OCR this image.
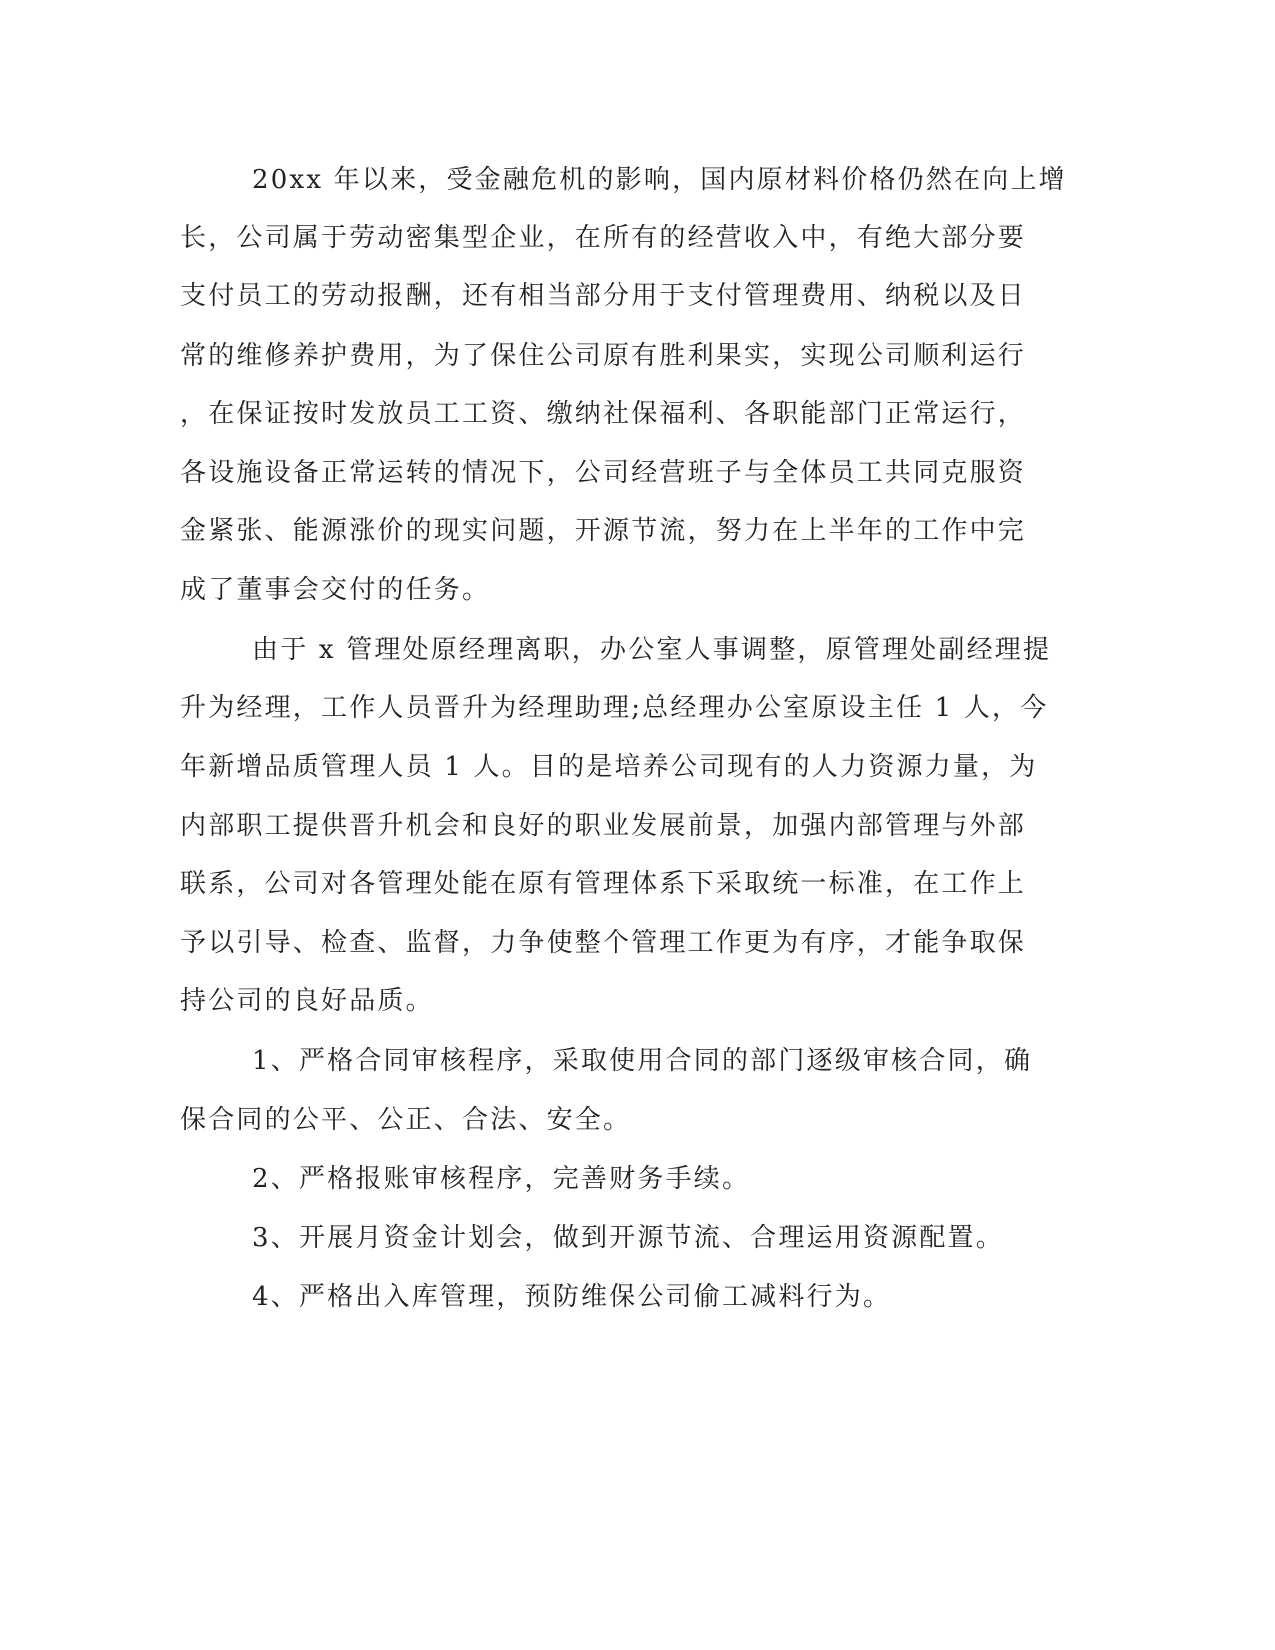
20xx 年以来，受金融危机的影响，国内原材料价格仍然在向上增
长，公司属于劳动密集型企业，在所有的经营收入中，有绝大部分要
支付员工的劳动报酬，还有相当部分用于支付管理费用、纳税以及日
常的维修养护费用，为了保住公司原有胜利果实，实现公司顺利运行
，在保证按时发放员工工资、缴纳社保福利、各职能部门正常运行，
各设施设备正常运转的情况下，公司经营班子与全体员工共同克服资
金紧张、能源涨价的现实问题，开源节流，努力在上半年的工作中完
成了董事会交付的任务。
由于 x 管理处原经理离职，办公室人事调整，原管理处副经理提
升为经理，工作人员晋升为经理助理;总经理办公室原设主任 1 人，今
年新增品质管理人员 1 人。目的是培养公司现有的人力资源力量，为
内部职工提供晋升机会和良好的职业发展前景，加强内部管理与外部
联系，公司对各管理处能在原有管理体系下采取统一标准，在工作上
予以引导、检查、监督，力争使整个管理工作更为有序，才能争取保
持公司的良好品质。
1、严格合同审核程序，采取使用合同的部门逐级审核合同，确
保合同的公平、公正、合法、安全。
2、严格报账审核程序，完善财务手续。
3、开展月资金计划会，做到开源节流、合理运用资源配置。
4、严格出入库管理，预防维保公司偷工减料行为。
